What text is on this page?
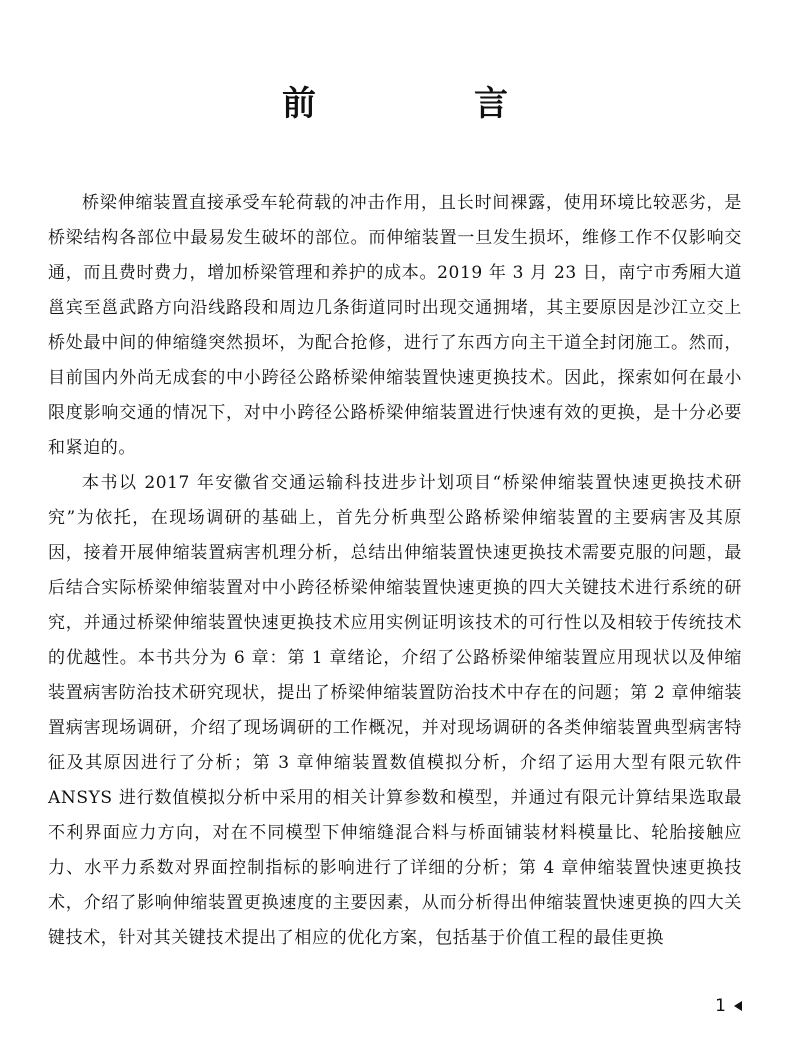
前　言

桥梁伸缩装置直接承受车轮荷载的冲击作用，且长时间裸露，使用环境比较恶劣，是桥梁结构各部位中最易发生破坏的部位。而伸缩装置一旦发生损坏，维修工作不仅影响交通，而且费时费力，增加桥梁管理和养护的成本。2019 年 3 月 23 日，南宁市秀厢大道邕宾至邕武路方向沿线路段和周边几条街道同时出现交通拥堵，其主要原因是沙江立交上桥处最中间的伸缩缝突然损坏，为配合抢修，进行了东西方向主干道全封闭施工。然而，目前国内外尚无成套的中小跨径公路桥梁伸缩装置快速更换技术。因此，探索如何在最小限度影响交通的情况下，对中小跨径公路桥梁伸缩装置进行快速有效的更换，是十分必要和紧迫的。

本书以 2017 年安徽省交通运输科技进步计划项目“桥梁伸缩装置快速更换技术研究”为依托，在现场调研的基础上，首先分析典型公路桥梁伸缩装置的主要病害及其原因，接着开展伸缩装置病害机理分析，总结出伸缩装置快速更换技术需要克服的问题，最后结合实际桥梁伸缩装置对中小跨径桥梁伸缩装置快速更换的四大关键技术进行系统的研究，并通过桥梁伸缩装置快速更换技术应用实例证明该技术的可行性以及相较于传统技术的优越性。本书共分为 6 章：第 1 章绪论，介绍了公路桥梁伸缩装置应用现状以及伸缩装置病害防治技术研究现状，提出了桥梁伸缩装置防治技术中存在的问题；第 2 章伸缩装置病害现场调研，介绍了现场调研的工作概况，并对现场调研的各类伸缩装置典型病害特征及其原因进行了分析；第 3 章伸缩装置数值模拟分析，介绍了运用大型有限元软件 ANSYS 进行数值模拟分析中采用的相关计算参数和模型，并通过有限元计算结果选取最不利界面应力方向，对在不同模型下伸缩缝混合料与桥面铺装材料模量比、轮胎接触应力、水平力系数对界面控制指标的影响进行了详细的分析；第 4 章伸缩装置快速更换技术，介绍了影响伸缩装置更换速度的主要因素，从而分析得出伸缩装置快速更换的四大关键技术，针对其关键技术提出了相应的优化方案，包括基于价值工程的最佳更换

1
